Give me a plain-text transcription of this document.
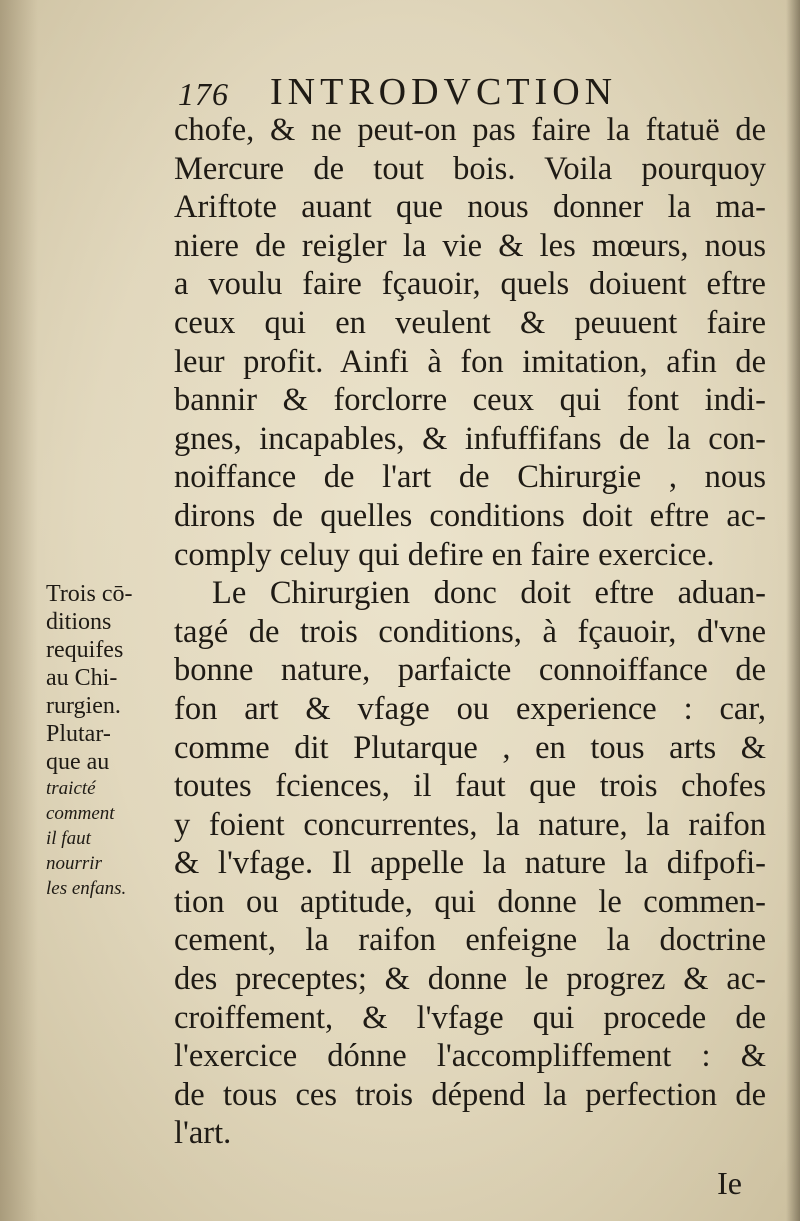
176 INTRODVCTION
chofe, & ne peut-on pas faire la ftatuë de
Mercure de tout bois. Voila pourquoy
Ariftote auant que nous donner la ma-
niere de reigler la vie & les mœurs, nous
a voulu faire fçauoir, quels doiuent eftre
ceux qui en veulent & peuuent faire
leur profit. Ainfi à fon imitation, afin de
bannir & forclorre ceux qui font indi-
gnes, incapables, & infuffifans de la con-
noiffance de l'art de Chirurgie , nous
dirons de quelles conditions doit eftre ac-
comply celuy qui defire en faire exercice.
Le Chirurgien donc doit eftre aduan-
tagé de trois conditions, à fçauoir, d'vne
bonne nature, parfaicte connoiffance de
fon art & vfage ou experience : car,
comme dit Plutarque , en tous arts &
toutes fciences, il faut que trois chofes
y foient concurrentes, la nature, la raifon
& l'vfage. Il appelle la nature la difpofi-
tion ou aptitude, qui donne le commen-
cement, la raifon enfeigne la doctrine
des preceptes; & donne le progrez & ac-
croiffement, & l'vfage qui procede de
l'exercice dónne l'accompliffement : &
de tous ces trois dépend la perfection de
l'art.
Trois cō-
ditions
requifes
au Chi-
rurgien.
Plutar-
que au
traicté
comment
il faut
nourrir
les enfans.
Ie
